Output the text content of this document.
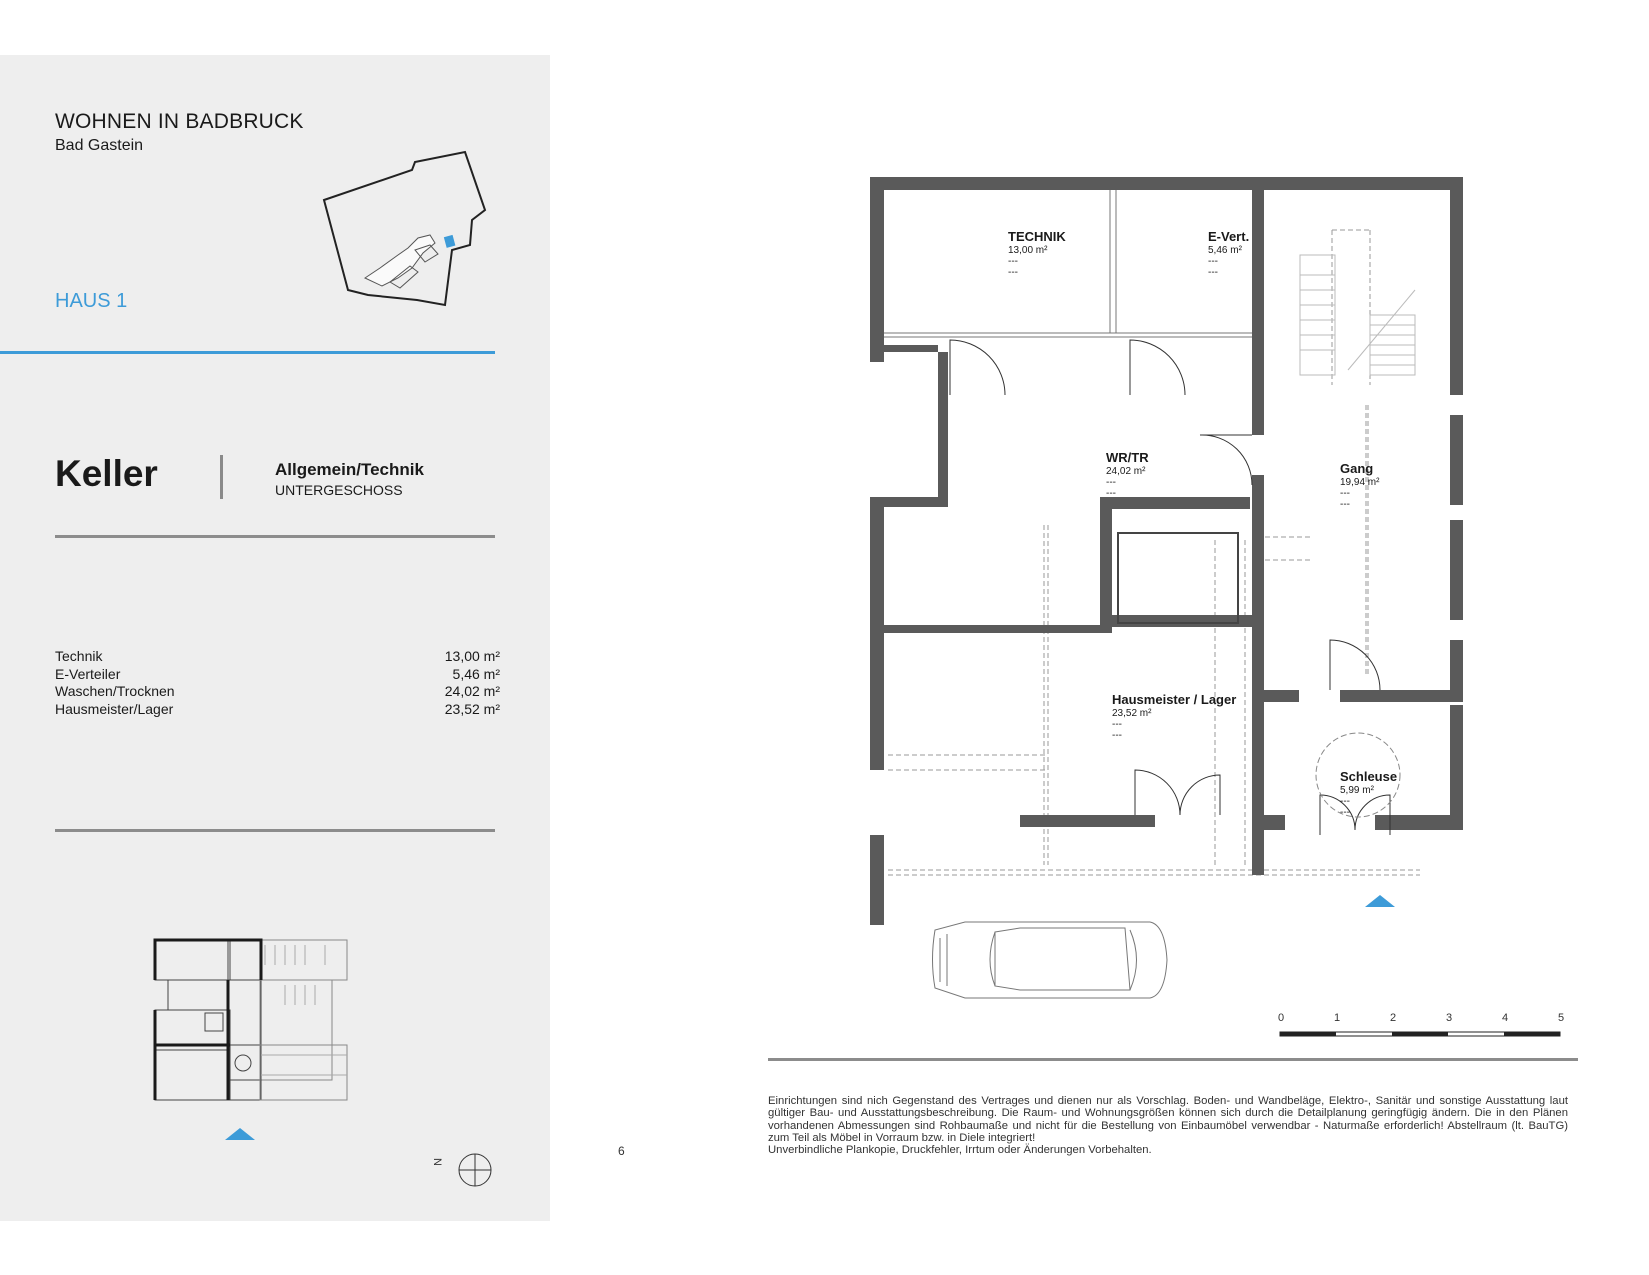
WOHNEN IN BADBRUCK
Bad Gastein
HAUS 1
Keller	Allgemein/Technik
UNTERGESCHOSS
Technik	13,00 m²
E-Verteiler	5,46 m²
Waschen/Trocknen	24,02 m²
Hausmeister/Lager	23,52 m²
N
6
TECHNIK
13,00 m²
---
---
E-Vert.
5,46 m²
---
---
WR/TR
24,02 m²
---
---
Gang
19,94 m²
---
---
Hausmeister / Lager
23,52 m²
---
---
Schleuse
5,99 m²
---
---
0	1	2	3	4	5

Einrichtungen sind nich Gegenstand des Vertrages und dienen nur als Vorschlag. Boden- und Wandbeläge, Elektro-, Sanitär und sonstige Ausstattung laut gültiger Bau- und Ausstattungsbeschreibung. Die Raum- und Wohnungsgrößen können sich durch die Detailplanung geringfügig ändern. Die in den Plänen vorhandenen Abmessungen sind Rohbaumaße und nicht für die Bestellung von Einbaumöbel verwendbar - Naturmaße erforderlich! Abstellraum (lt. BauTG) zum Teil als Möbel in Vorraum bzw. in Diele integriert!

Unverbindliche Plankopie, Druckfehler, Irrtum oder Änderungen Vorbehalten.
